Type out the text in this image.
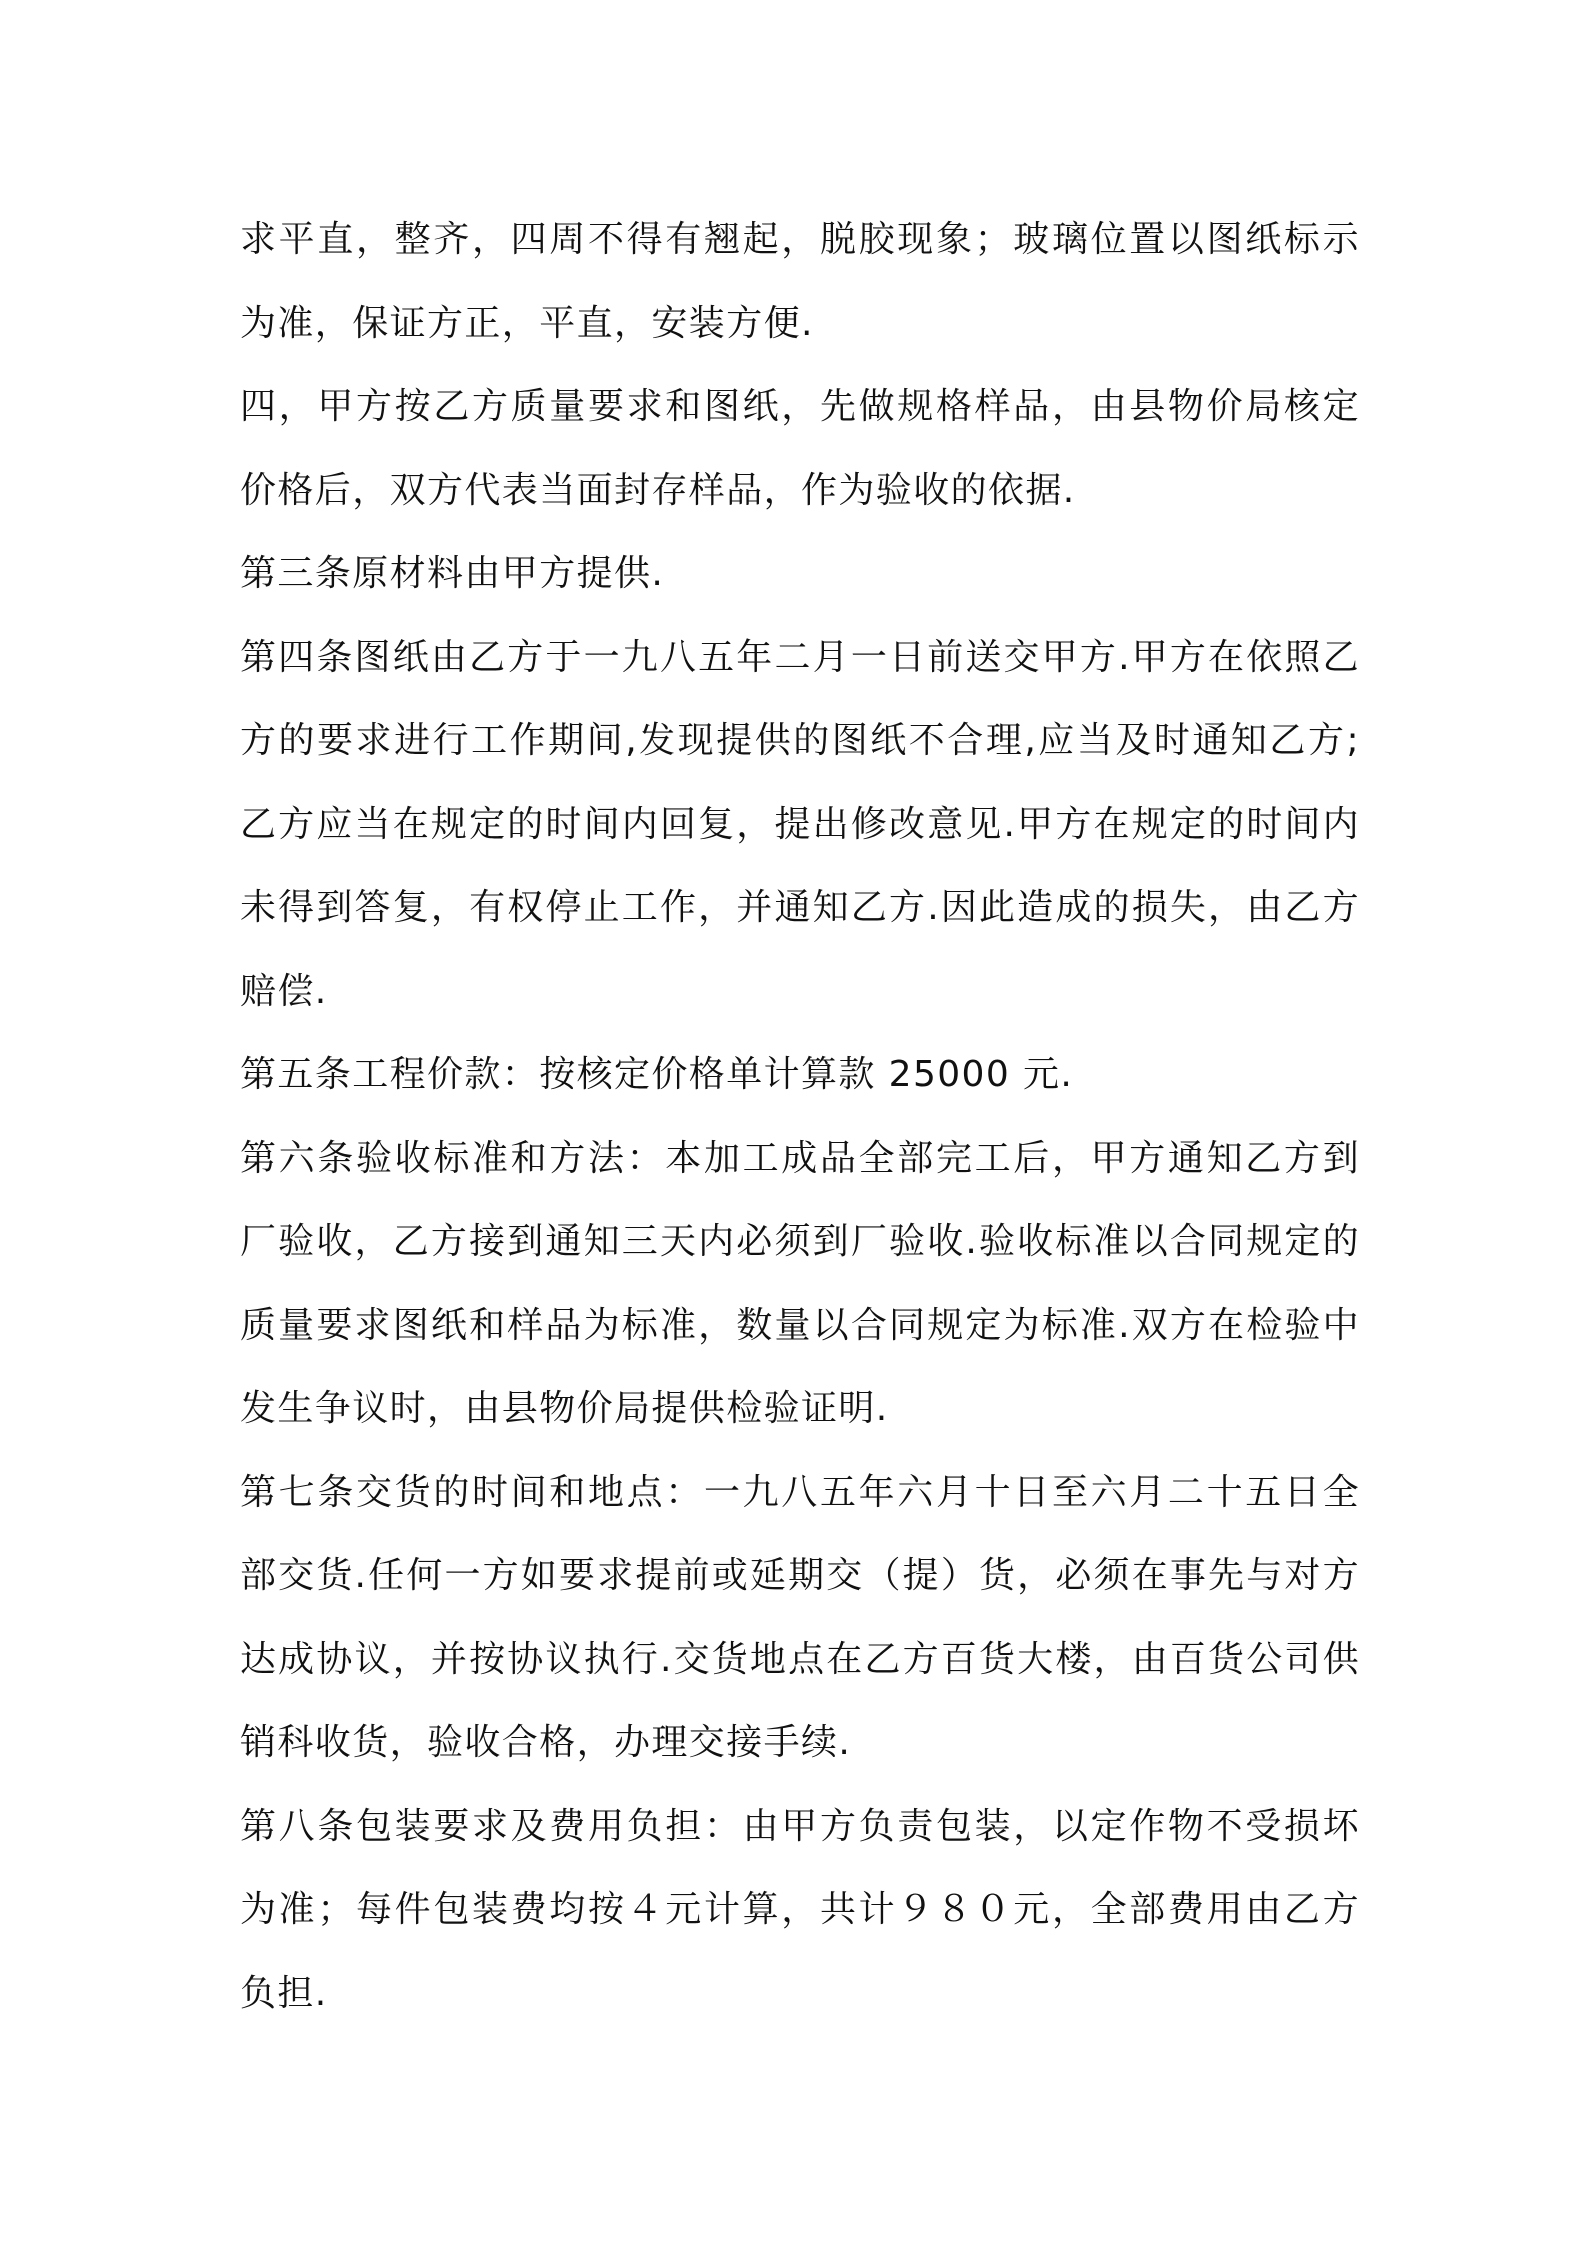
求平直，整齐，四周不得有翘起，脱胶现象；玻璃位置以图纸标示为准，保证方正，平直，安装方便.

四，甲方按乙方质量要求和图纸，先做规格样品，由县物价局核定价格后，双方代表当面封存样品，作为验收的依据.

第三条原材料由甲方提供.

第四条图纸由乙方于一九八五年二月一日前送交甲方.甲方在依照乙方的要求进行工作期间,发现提供的图纸不合理,应当及时通知乙方;乙方应当在规定的时间内回复，提出修改意见.甲方在规定的时间内未得到答复，有权停止工作，并通知乙方.因此造成的损失，由乙方赔偿.

第五条工程价款：按核定价格单计算款 25000 元.

第六条验收标准和方法：本加工成品全部完工后，甲方通知乙方到厂验收，乙方接到通知三天内必须到厂验收.验收标准以合同规定的质量要求图纸和样品为标准，数量以合同规定为标准.双方在检验中发生争议时，由县物价局提供检验证明.

第七条交货的时间和地点：一九八五年六月十日至六月二十五日全部交货.任何一方如要求提前或延期交（提）货，必须在事先与对方达成协议，并按协议执行.交货地点在乙方百货大楼，由百货公司供销科收货，验收合格，办理交接手续.

第八条包装要求及费用负担：由甲方负责包装，以定作物不受损坏为准；每件包装费均按４元计算，共计９８０元，全部费用由乙方负担.
